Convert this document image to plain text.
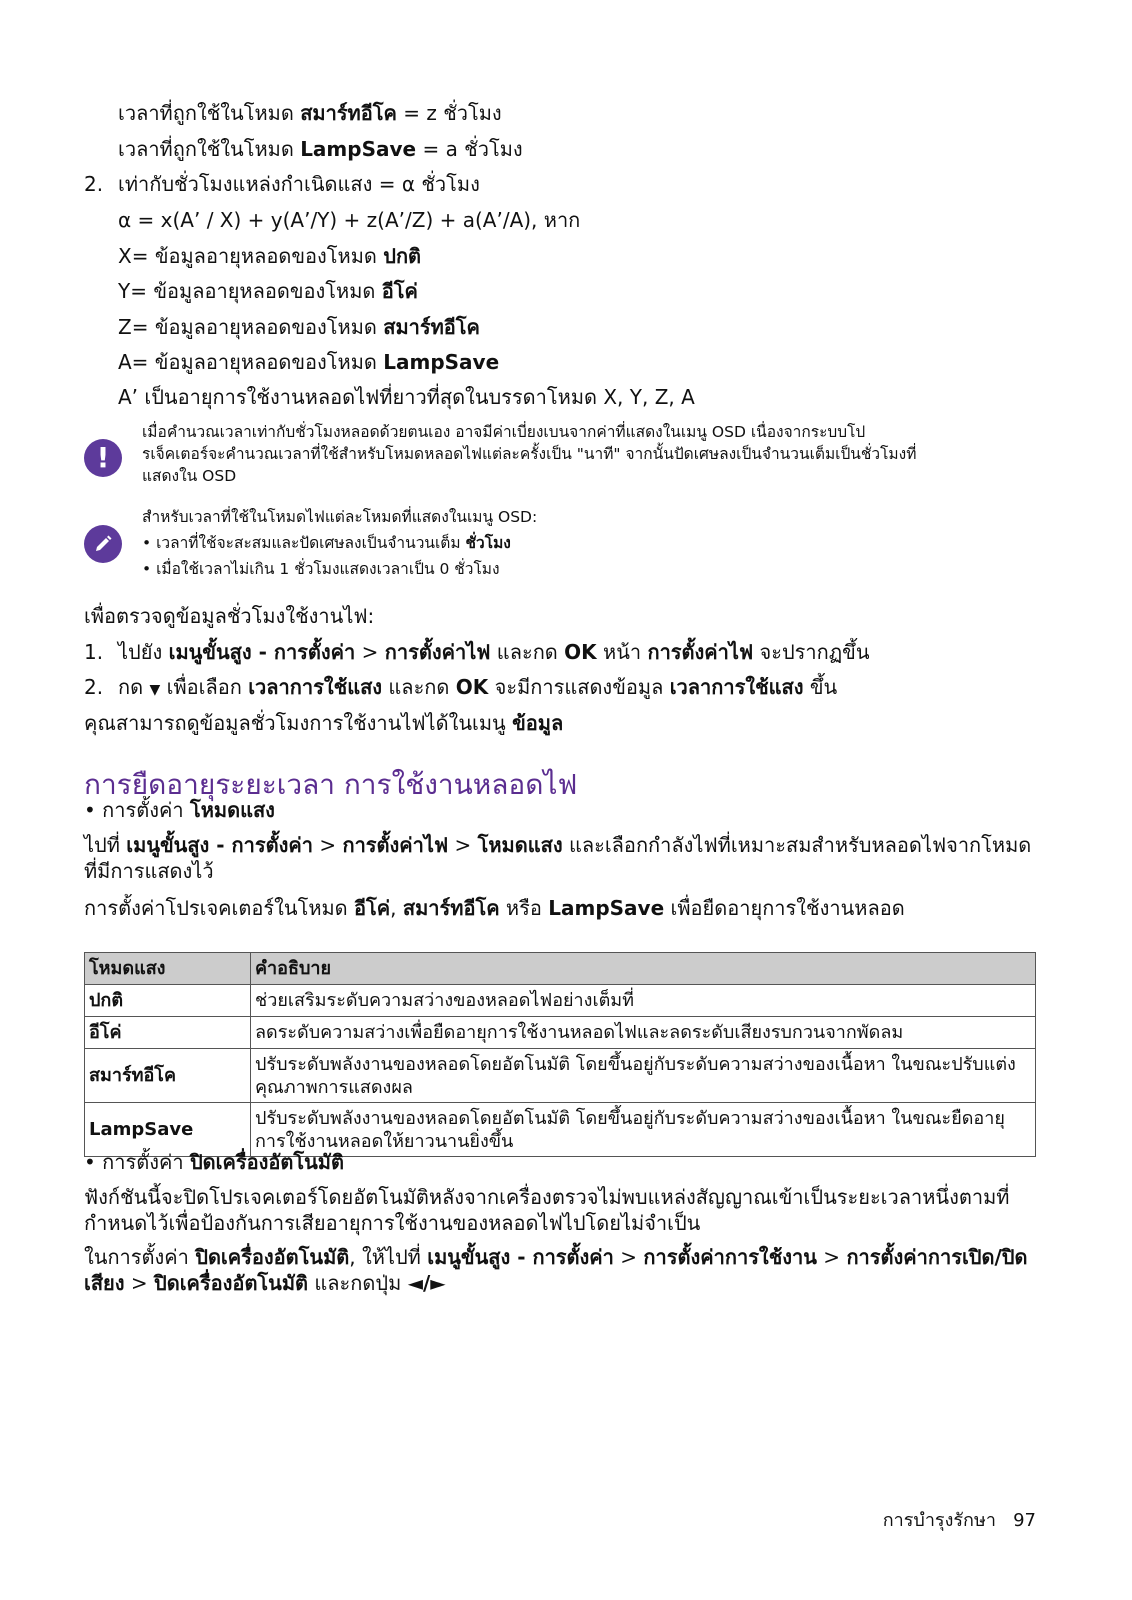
เวลาที่ถูกใช้ในโหมด สมาร์ทอีโค = z ชั่วโมง
เวลาที่ถูกใช้ในโหมด LampSave = a ชั่วโมง
2. เท่ากับชั่วโมงแหล่งกำเนิดแสง = α ชั่วโมง
α = x(A’ / X) + y(A’/Y) + z(A’/Z) + a(A’/A), หาก
X= ข้อมูลอายุหลอดของโหมด ปกติ
Y= ข้อมูลอายุหลอดของโหมด อีโค่
Z= ข้อมูลอายุหลอดของโหมด สมาร์ทอีโค
A= ข้อมูลอายุหลอดของโหมด LampSave
A’ เป็นอายุการใช้งานหลอดไฟที่ยาวที่สุดในบรรดาโหมด X, Y, Z, A
!
เมื่อคำนวณเวลาเท่ากับชั่วโมงหลอดด้วยตนเอง อาจมีค่าเบี่ยงเบนจากค่าที่แสดงในเมนู OSD เนื่องจากระบบโป
รเจ็คเตอร์จะคำนวณเวลาที่ใช้สำหรับโหมดหลอดไฟแต่ละครั้งเป็น "นาที" จากนั้นปัดเศษลงเป็นจำนวนเต็มเป็นชั่วโมงที่
แสดงใน OSD
สำหรับเวลาที่ใช้ในโหมดไฟแต่ละโหมดที่แสดงในเมนู OSD:
• เวลาที่ใช้จะสะสมและปัดเศษลงเป็นจำนวนเต็ม ชั่วโมง
• เมื่อใช้เวลาไม่เกิน 1 ชั่วโมงแสดงเวลาเป็น 0 ชั่วโมง
เพื่อตรวจดูข้อมูลชั่วโมงใช้งานไฟ:
1. ไปยัง เมนูขั้นสูง - การตั้งค่า > การตั้งค่าไฟ และกด OK หน้า การตั้งค่าไฟ จะปรากฏขึ้น
2. กด ▼ เพื่อเลือก เวลาการใช้แสง และกด OK จะมีการแสดงข้อมูล เวลาการใช้แสง ขึ้น
คุณสามารถดูข้อมูลชั่วโมงการใช้งานไฟได้ในเมนู ข้อมูล
การยืดอายุระยะเวลา การใช้งานหลอดไฟ
• การตั้งค่า โหมดแสง
ไปที่ เมนูขั้นสูง - การตั้งค่า > การตั้งค่าไฟ > โหมดแสง และเลือกกำลังไฟที่เหมาะสมสำหรับหลอดไฟจากโหมดที่มีการแสดงไว้
การตั้งค่าโปรเจคเตอร์ในโหมด อีโค่, สมาร์ทอีโค หรือ LampSave เพื่อยืดอายุการใช้งานหลอด
โหมดแสง	คำอธิบาย
ปกติ	ช่วยเสริมระดับความสว่างของหลอดไฟอย่างเต็มที่
อีโค่	ลดระดับความสว่างเพื่อยืดอายุการใช้งานหลอดไฟและลดระดับเสียงรบกวนจากพัดลม
สมาร์ทอีโค	ปรับระดับพลังงานของหลอดโดยอัตโนมัติ โดยขึ้นอยู่กับระดับความสว่างของเนื้อหา ในขณะปรับแต่งคุณภาพการแสดงผล
LampSave	ปรับระดับพลังงานของหลอดโดยอัตโนมัติ โดยขึ้นอยู่กับระดับความสว่างของเนื้อหา ในขณะยืดอายุการใช้งานหลอดให้ยาวนานยิ่งขึ้น
• การตั้งค่า ปิดเครื่องอัตโนมัติ
ฟังก์ชันนี้จะปิดโปรเจคเตอร์โดยอัตโนมัติหลังจากเครื่องตรวจไม่พบแหล่งสัญญาณเข้าเป็นระยะเวลาหนึ่งตามที่กำหนดไว้เพื่อป้องกันการเสียอายุการใช้งานของหลอดไฟไปโดยไม่จำเป็น
ในการตั้งค่า ปิดเครื่องอัตโนมัติ, ให้ไปที่ เมนูขั้นสูง - การตั้งค่า > การตั้งค่าการใช้งาน > การตั้งค่าการเปิด/ปิดเสียง > ปิดเครื่องอัตโนมัติ และกดปุ่ม ◄/►
การบำรุงรักษา 97
